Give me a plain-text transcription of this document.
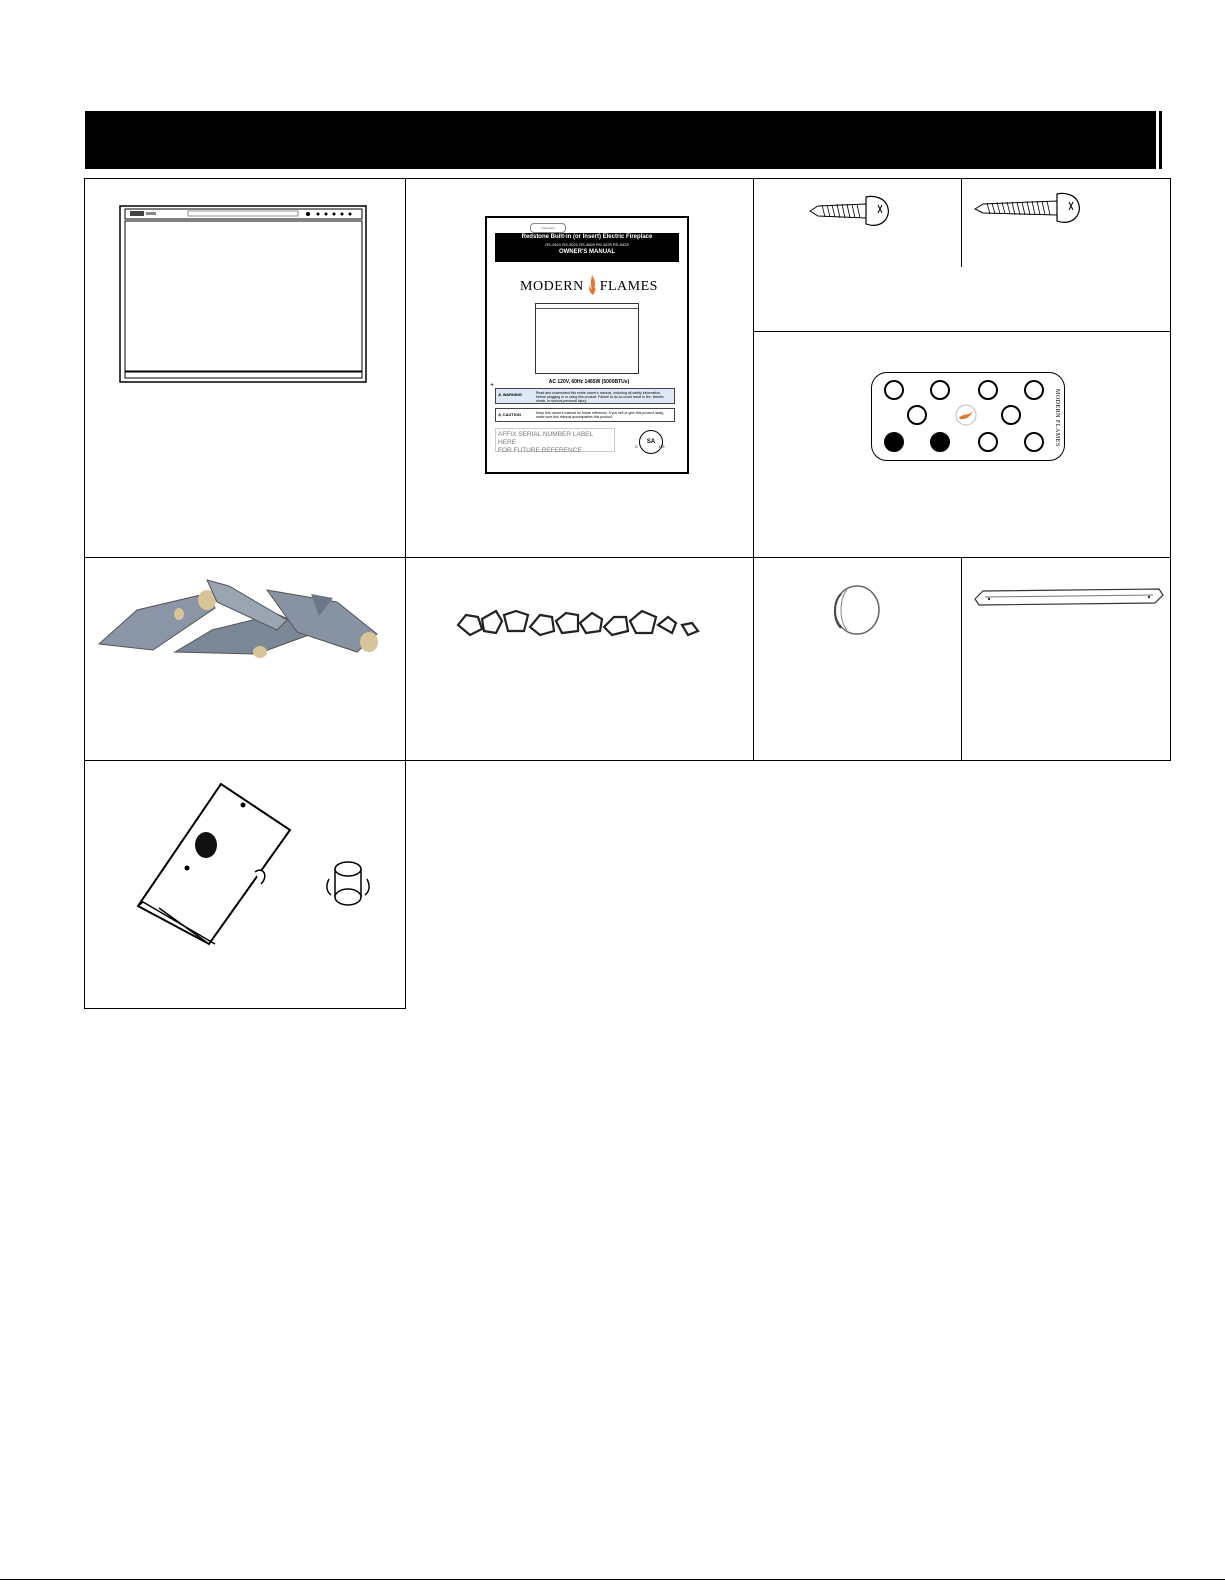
Instruction
Redstone Built-in (or Insert) Electric Fireplace
RS-2621 RS-3021 RS-3626 RS-4229 RS-5429
OWNER'S MANUAL
MODERN FLAMES
+	AC 120V, 60Hz 1465W (5000BTUs)
⚠ WARNING	Read and understand this entire owner's manual, including all safety information, before plugging in or using this product. Failure to do so could result in fire, electric shock, or serious personal injury.
⚠ CAUTION	Keep this owner's manual for future reference. If you sell or give this product away, make sure this manual accompanies this product.
AFFIX SERIAL NUMBER LABEL HERE
FOR FUTURE REFERENCE
SA
C	US	MODERN FLAMES
